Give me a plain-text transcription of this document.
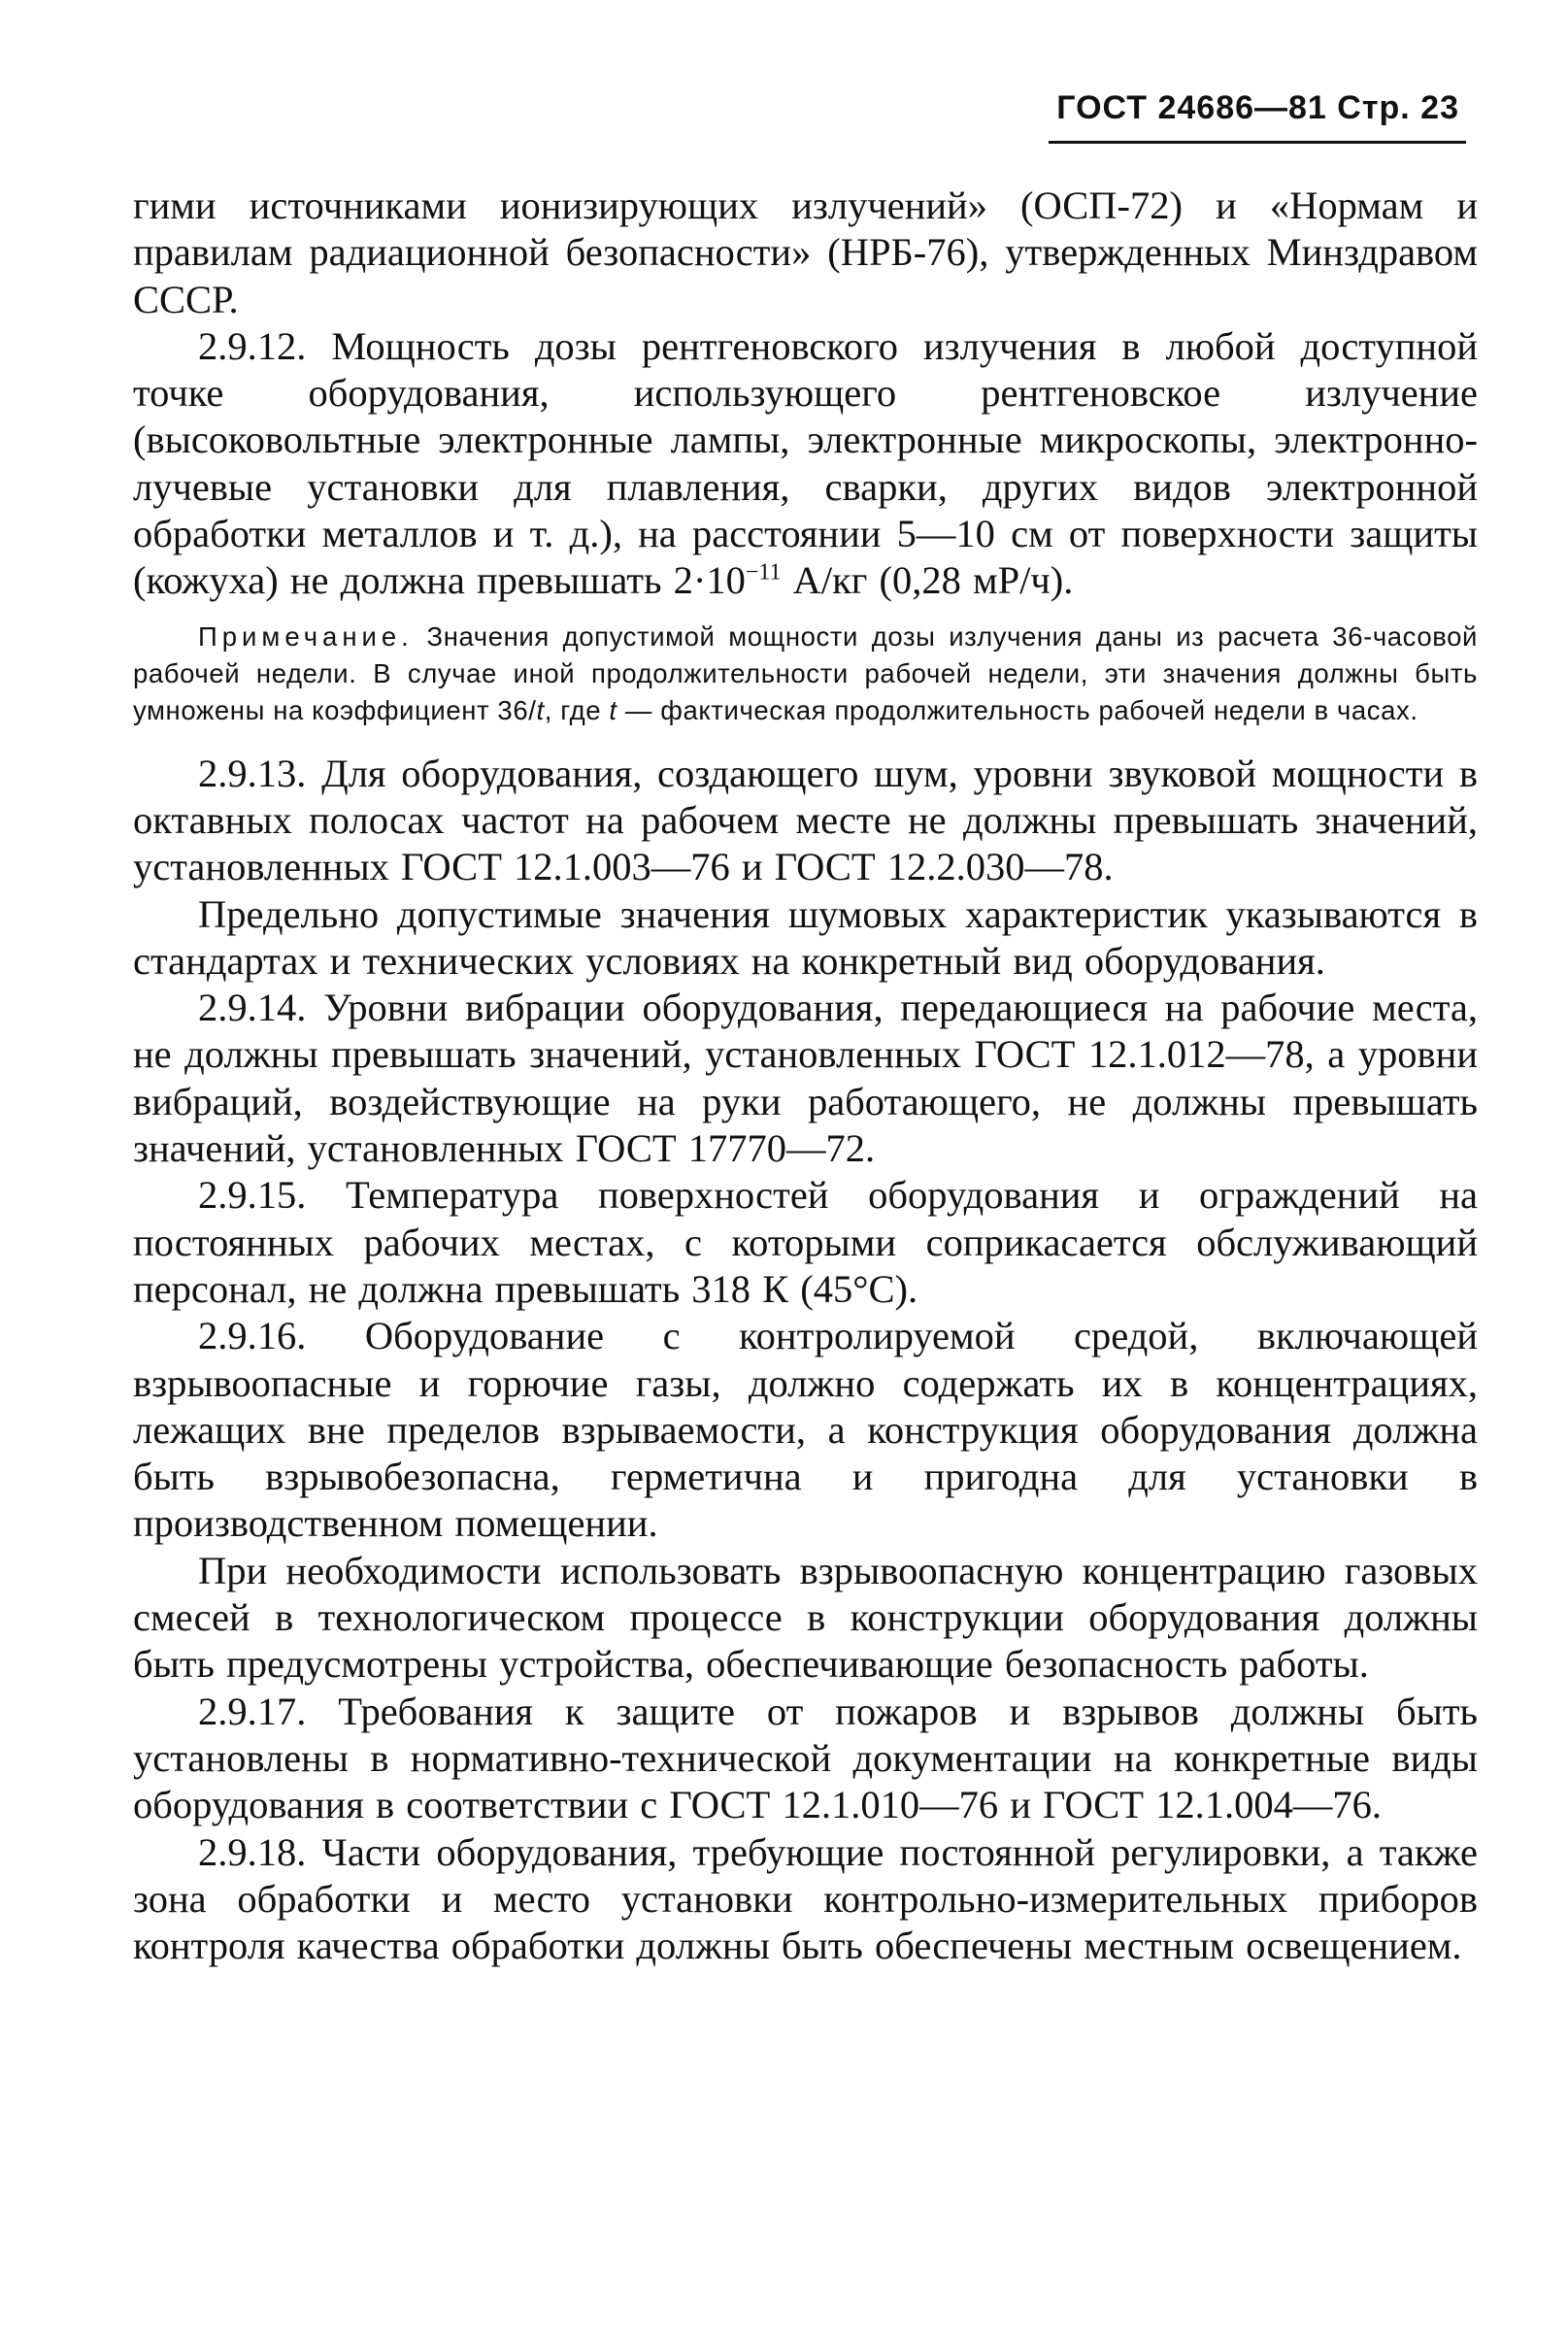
ГОСТ 24686—81 Стр. 23

гими источниками ионизирующих излучений» (ОСП-72) и «Нормам и правилам радиационной безопасности» (НРБ-76), утвержденных Минздравом СССР.

2.9.12. Мощность дозы рентгеновского излучения в любой доступной точке оборудования, использующего рентгеновское излучение (высоковольтные электронные лампы, электронные микроскопы, электронно-лучевые установки для плавления, сварки, других видов электронной обработки металлов и т. д.), на расстоянии 5—10 см от поверхности защиты (кожуха) не должна превышать $2\cdot 10^{-11}$ А/кг (0,28 мР/ч).

Примечание. Значения допустимой мощности дозы излучения даны из расчета 36-часовой рабочей недели. В случае иной продолжительности рабочей недели, эти значения должны быть умножены на коэффициент 36/t, где t — фактическая продолжительность рабочей недели в часах.

2.9.13. Для оборудования, создающего шум, уровни звуковой мощности в октавных полосах частот на рабочем месте не должны превышать значений, установленных ГОСТ 12.1.003—76 и ГОСТ 12.2.030—78.

Предельно допустимые значения шумовых характеристик указываются в стандартах и технических условиях на конкретный вид оборудования.

2.9.14. Уровни вибрации оборудования, передающиеся на рабочие места, не должны превышать значений, установленных ГОСТ 12.1.012—78, а уровни вибраций, воздействующие на руки работающего, не должны превышать значений, установленных ГОСТ 17770—72.

2.9.15. Температура поверхностей оборудования и ограждений на постоянных рабочих местах, с которыми соприкасается обслуживающий персонал, не должна превышать 318 К (45°С).

2.9.16. Оборудование с контролируемой средой, включающей взрывоопасные и горючие газы, должно содержать их в концентрациях, лежащих вне пределов взрываемости, а конструкция оборудования должна быть взрывобезопасна, герметична и пригодна для установки в производственном помещении.

При необходимости использовать взрывоопасную концентрацию газовых смесей в технологическом процессе в конструкции оборудования должны быть предусмотрены устройства, обеспечивающие безопасность работы.

2.9.17. Требования к защите от пожаров и взрывов должны быть установлены в нормативно-технической документации на конкретные виды оборудования в соответствии с ГОСТ 12.1.010—76 и ГОСТ 12.1.004—76.

2.9.18. Части оборудования, требующие постоянной регулировки, а также зона обработки и место установки контрольно-измерительных приборов контроля качества обработки должны быть обеспечены местным освещением.
